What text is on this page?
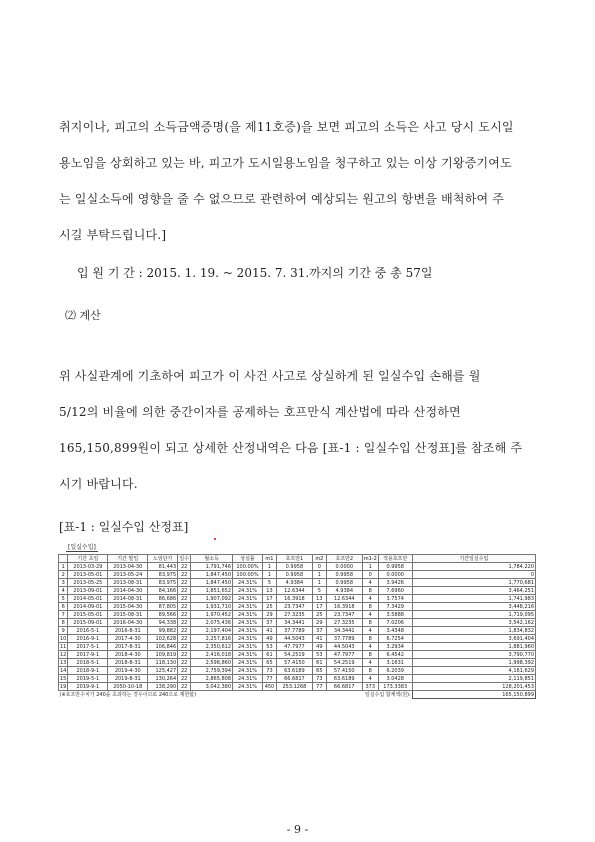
취지이나, 피고의 소득금액증명(을 제11호증)을 보면 피고의 소득은 사고 당시 도시일
용노임을 상회하고 있는 바, 피고가 도시일용노임을 청구하고 있는 이상 기왕증기여도
는 일실소득에 영향을 줄 수 없으므로 관련하여 예상되는 원고의 항변을 배척하여 주
시길 부탁드립니다.]
입 원 기 간 : 2015. 1. 19. ~ 2015. 7. 31.까지의 기간 중 총 57일
⑵ 계산
위 사실관계에 기초하여 피고가 이 사건 사고로 상실하게 된 일실수입 손해를 월
5/12의 비율에 의한 중간이자를 공제하는 호프만식 계산법에 따라 산정하면
165,150,899원이 되고 상세한 산정내역은 다음 [표-1 : 일실수입 산정표]를 참조해 주
시기 바랍니다.
[표-1 : 일실수입 산정표]
[일실수입]
	기간 초일	기간 말일	노임단가	일수	월소득	상실률	m1	호프만1	m2	호프만2	m1-2	적용호프만	기간일실수입
1	2013-03-29	2013-04-30	81,443	22	1,791,746	100.00%	1	0.9958	0	0.0000	1	0.9958	1,784,220
2	2013-05-01	2013-05-24	83,975	22	1,847,450	100.00%	1	0.9958	1	0.9958	0	0.0000	0
3	2013-05-25	2013-08-31	83,975	22	1,847,450	24.31%	5	4.9384	1	0.9958	4	3.9426	1,770,681
4	2013-09-01	2014-04-30	84,166	22	1,851,652	24.31%	13	12.6344	5	4.9384	8	7.6960	3,464,251
5	2014-05-01	2014-08-31	86,686	22	1,907,092	24.31%	17	16.3918	13	12.6344	4	3.7574	1,741,983
6	2014-09-01	2015-04-30	87,805	22	1,931,710	24.31%	25	23.7347	17	16.3918	8	7.3429	3,448,216
7	2015-05-01	2015-08-31	89,566	22	1,970,452	24.31%	29	27.3235	25	23.7347	4	3.5888	1,719,095
8	2015-09-01	2016-04-30	94,338	22	2,075,436	24.31%	37	34.3441	29	27.3235	8	7.0206	3,542,162
9	2016-5-1	2016-8-31	99,882	22	2,197,404	24.31%	41	37.7789	37	34.3441	4	3.4348	1,834,832
10	2016-9-1	2017-4-30	102,628	22	2,257,816	24.31%	49	44.5043	41	37.7789	8	6.7254	3,691,404
11	2017-5-1	2017-8-31	106,846	22	2,350,612	24.31%	53	47.7977	49	44.5043	4	3.2934	1,881,960
12	2017-9-1	2018-4-30	109,819	22	2,416,018	24.31%	61	54.2519	53	47.7977	8	6.4542	3,790,770
13	2018-5-1	2018-8-31	118,130	22	2,598,860	24.31%	65	57.4150	61	54.2519	4	3.1631	1,998,392
14	2018-9-1	2019-4-30	125,427	22	2,759,394	24.31%	73	63.6189	65	57.4150	8	6.2039	4,161,629
15	2019-5-1	2019-8-31	130,264	22	2,865,808	24.31%	77	66.6817	73	63.6189	4	3.0428	2,119,851
19	2019-9-1	2050-10-18	138,290	22	3,042,380	24.31%	450	253.1268	77	66.6817	373	173.3383	128,201,453
(※호프만수치가 240을 초과하는 경우이므로 240으로 제한함)							일실수입 합계액(원):						165,150,899
- 9 -
